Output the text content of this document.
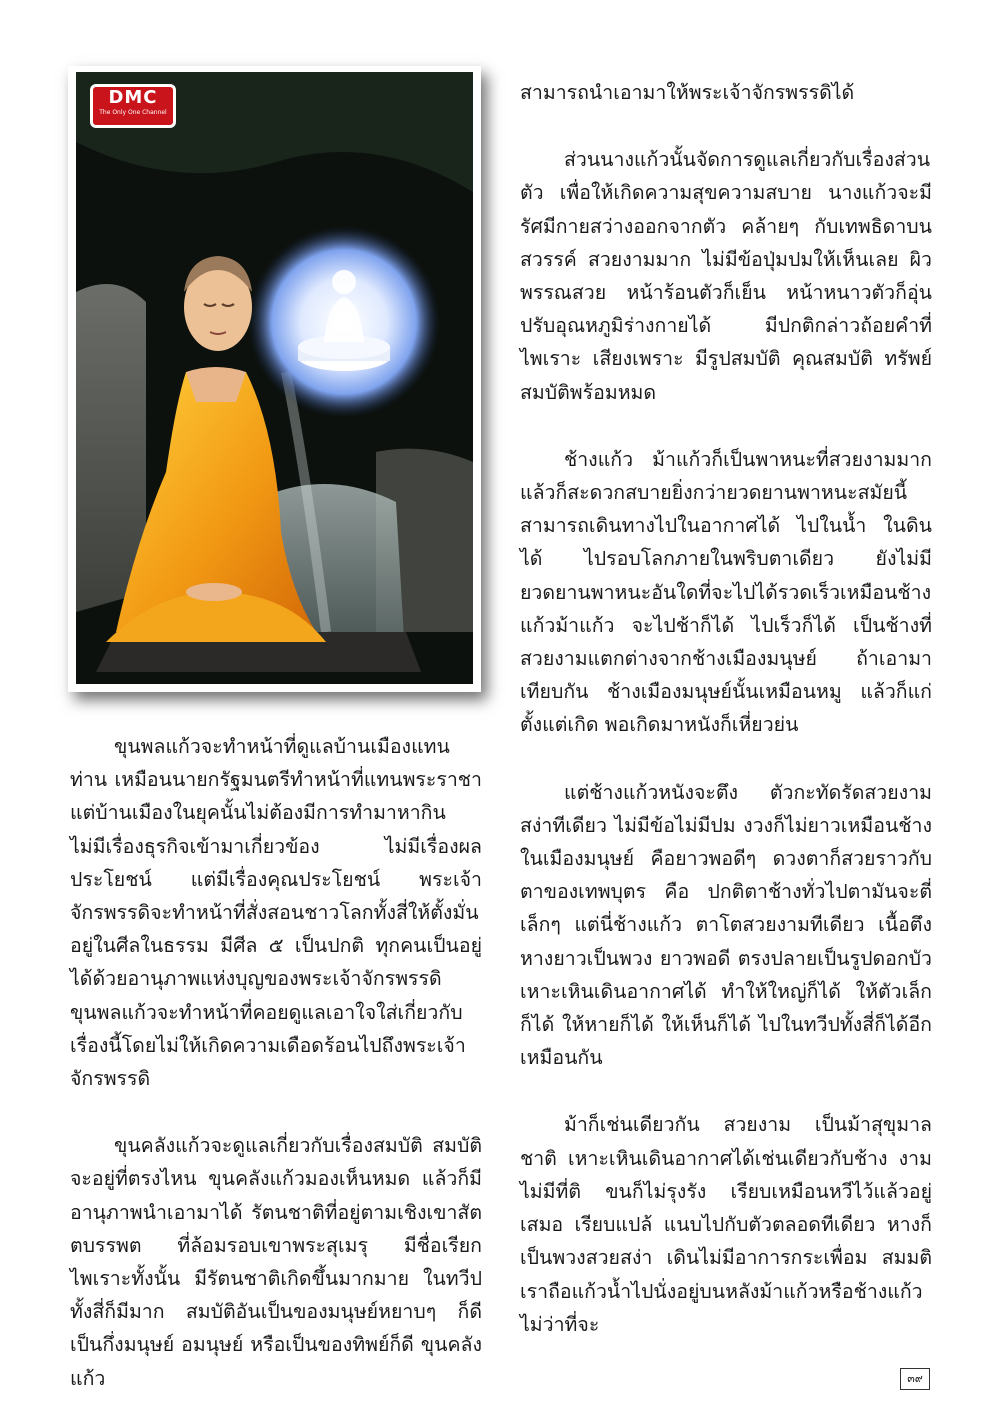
DMC
The Only One Channel

ขุนพลแก้วจะทำหน้าที่ดูแลบ้านเมืองแทนท่าน เหมือนนายกรัฐมนตรีทำหน้าที่แทนพระราชา แต่บ้านเมืองในยุคนั้นไม่ต้องมีการทำมาหากิน ไม่มีเรื่องธุรกิจเข้ามาเกี่ยวข้อง ไม่มีเรื่องผลประโยชน์ แต่มีเรื่องคุณประโยชน์ พระเจ้าจักรพรรดิจะทำหน้าที่สั่งสอนชาวโลกทั้งสี่ให้ตั้งมั่นอยู่ในศีลในธรรม มีศีล ๕ เป็นปกติ ทุกคนเป็นอยู่ได้ด้วยอานุภาพแห่งบุญของพระเจ้าจักรพรรดิ ขุนพลแก้วจะทำหน้าที่คอยดูแลเอาใจใส่เกี่ยวกับเรื่องนี้โดยไม่ให้เกิดความเดือดร้อนไปถึงพระเจ้าจักรพรรดิ

ขุนคลังแก้วจะดูแลเกี่ยวกับเรื่องสมบัติ สมบัติจะอยู่ที่ตรงไหน ขุนคลังแก้วมองเห็นหมด แล้วก็มีอานุภาพนำเอามาได้ รัตนชาติที่อยู่ตามเชิงเขาสัตตบรรพต ที่ล้อมรอบเขาพระสุเมรุ มีชื่อเรียกไพเราะทั้งนั้น มีรัตนชาติเกิดขึ้นมากมาย ในทวีปทั้งสี่ก็มีมาก สมบัติอันเป็นของมนุษย์หยาบๆ ก็ดี เป็นกึ่งมนุษย์ อมนุษย์ หรือเป็นของทิพย์ก็ดี ขุนคลังแก้ว

สามารถนำเอามาให้พระเจ้าจักรพรรดิได้

ส่วนนางแก้วนั้นจัดการดูแลเกี่ยวกับเรื่องส่วนตัว เพื่อให้เกิดความสุขความสบาย นางแก้วจะมีรัศมีกายสว่างออกจากตัว คล้ายๆ กับเทพธิดาบนสวรรค์ สวยงามมาก ไม่มีข้อปุ่มปมให้เห็นเลย ผิวพรรณสวย หน้าร้อนตัวก็เย็น หน้าหนาวตัวก็อุ่น ปรับอุณหภูมิร่างกายได้ มีปกติกล่าวถ้อยคำที่ไพเราะ เสียงเพราะ มีรูปสมบัติ คุณสมบัติ ทรัพย์สมบัติพร้อมหมด

ช้างแก้ว ม้าแก้วก็เป็นพาหนะที่สวยงามมาก แล้วก็สะดวกสบายยิ่งกว่ายวดยานพาหนะสมัยนี้ สามารถเดินทางไปในอากาศได้ ไปในน้ำ ในดินได้ ไปรอบโลกภายในพริบตาเดียว ยังไม่มียวดยานพาหนะอันใดที่จะไปได้รวดเร็วเหมือนช้างแก้วม้าแก้ว จะไปช้าก็ได้ ไปเร็วก็ได้ เป็นช้างที่สวยงามแตกต่างจากช้างเมืองมนุษย์ ถ้าเอามาเทียบกัน ช้างเมืองมนุษย์นั้นเหมือนหมู แล้วก็แก่ตั้งแต่เกิด พอเกิดมาหนังก็เหี่ยวย่น

แต่ช้างแก้วหนังจะตึง ตัวกะทัดรัดสวยงาม สง่าทีเดียว ไม่มีข้อไม่มีปม งวงก็ไม่ยาวเหมือนช้างในเมืองมนุษย์ คือยาวพอดีๆ ดวงตาก็สวยราวกับตาของเทพบุตร คือ ปกติตาช้างทั่วไปตามันจะตี่เล็กๆ แต่นี่ช้างแก้ว ตาโตสวยงามทีเดียว เนื้อตึง หางยาวเป็นพวง ยาวพอดี ตรงปลายเป็นรูปดอกบัว เหาะเหินเดินอากาศได้ ทำให้ใหญ่ก็ได้ ให้ตัวเล็กก็ได้ ให้หายก็ได้ ให้เห็นก็ได้ ไปในทวีปทั้งสี่ก็ได้อีกเหมือนกัน

ม้าก็เช่นเดียวกัน สวยงาม เป็นม้าสุขุมาลชาติ เหาะเหินเดินอากาศได้เช่นเดียวกับช้าง งามไม่มีที่ติ ขนก็ไม่รุงรัง เรียบเหมือนหวีไว้แล้วอยู่เสมอ เรียบแปล้ แนบไปกับตัวตลอดทีเดียว หางก็เป็นพวงสวยสง่า เดินไม่มีอาการกระเพื่อม สมมติเราถือแก้วน้ำไปนั่งอยู่บนหลังม้าแก้วหรือช้างแก้ว ไม่ว่าที่จะ

๓๙
